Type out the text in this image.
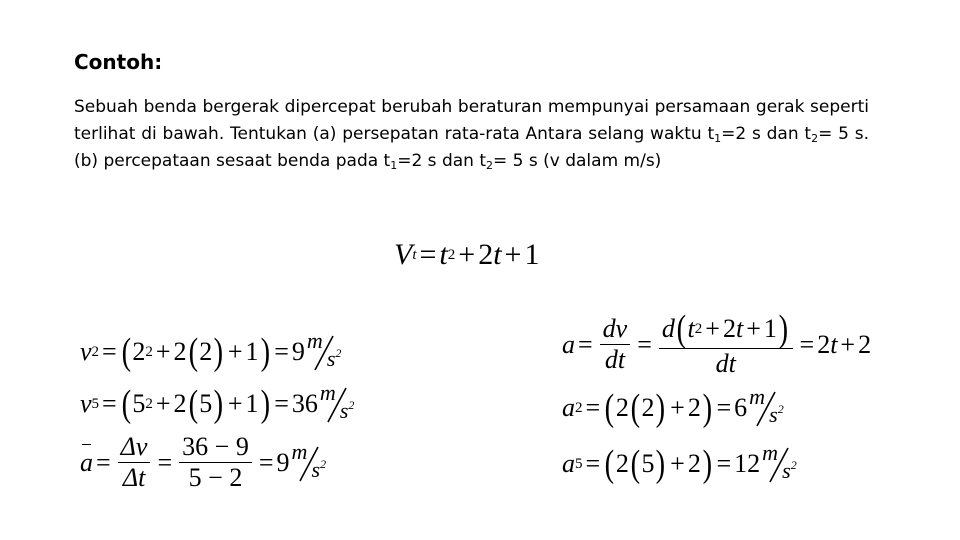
Contoh:
Sebuah benda bergerak dipercepat berubah beraturan mempunyai persamaan gerak seperti terlihat di bawah. Tentukan (a) persepatan rata-rata Antara selang waktu $t_1=2$ s dan $t_2= 5$ s. (b) percepataan sesaat benda pada $t_1=2$ s dan $t_2= 5$ s (v dalam m/s)
V t = t 2 + 2 t + 1
v 2 = ( 2 2 + 2 ( 2 ) + 1 ) = 9 m
$s^2$
v 5 = ( 5 2 + 2 ( 5 ) + 1 ) = 36 m
$s^2$
$a = \frac{\Delta v}{\Delta t} = \frac{36 - 9}{5 - 2} = 9$ m
$s^2$
$a = \frac{dv}{dt} = \frac{d ( t 2 + 2 t + 1 )}{dt} = 2$ t + 2
a 2 = ( 2 ( 2 ) + 2 ) = 6 m
$s^2$
a 5 = ( 2 ( 5 ) + 2 ) = 12 m
$s^2$
